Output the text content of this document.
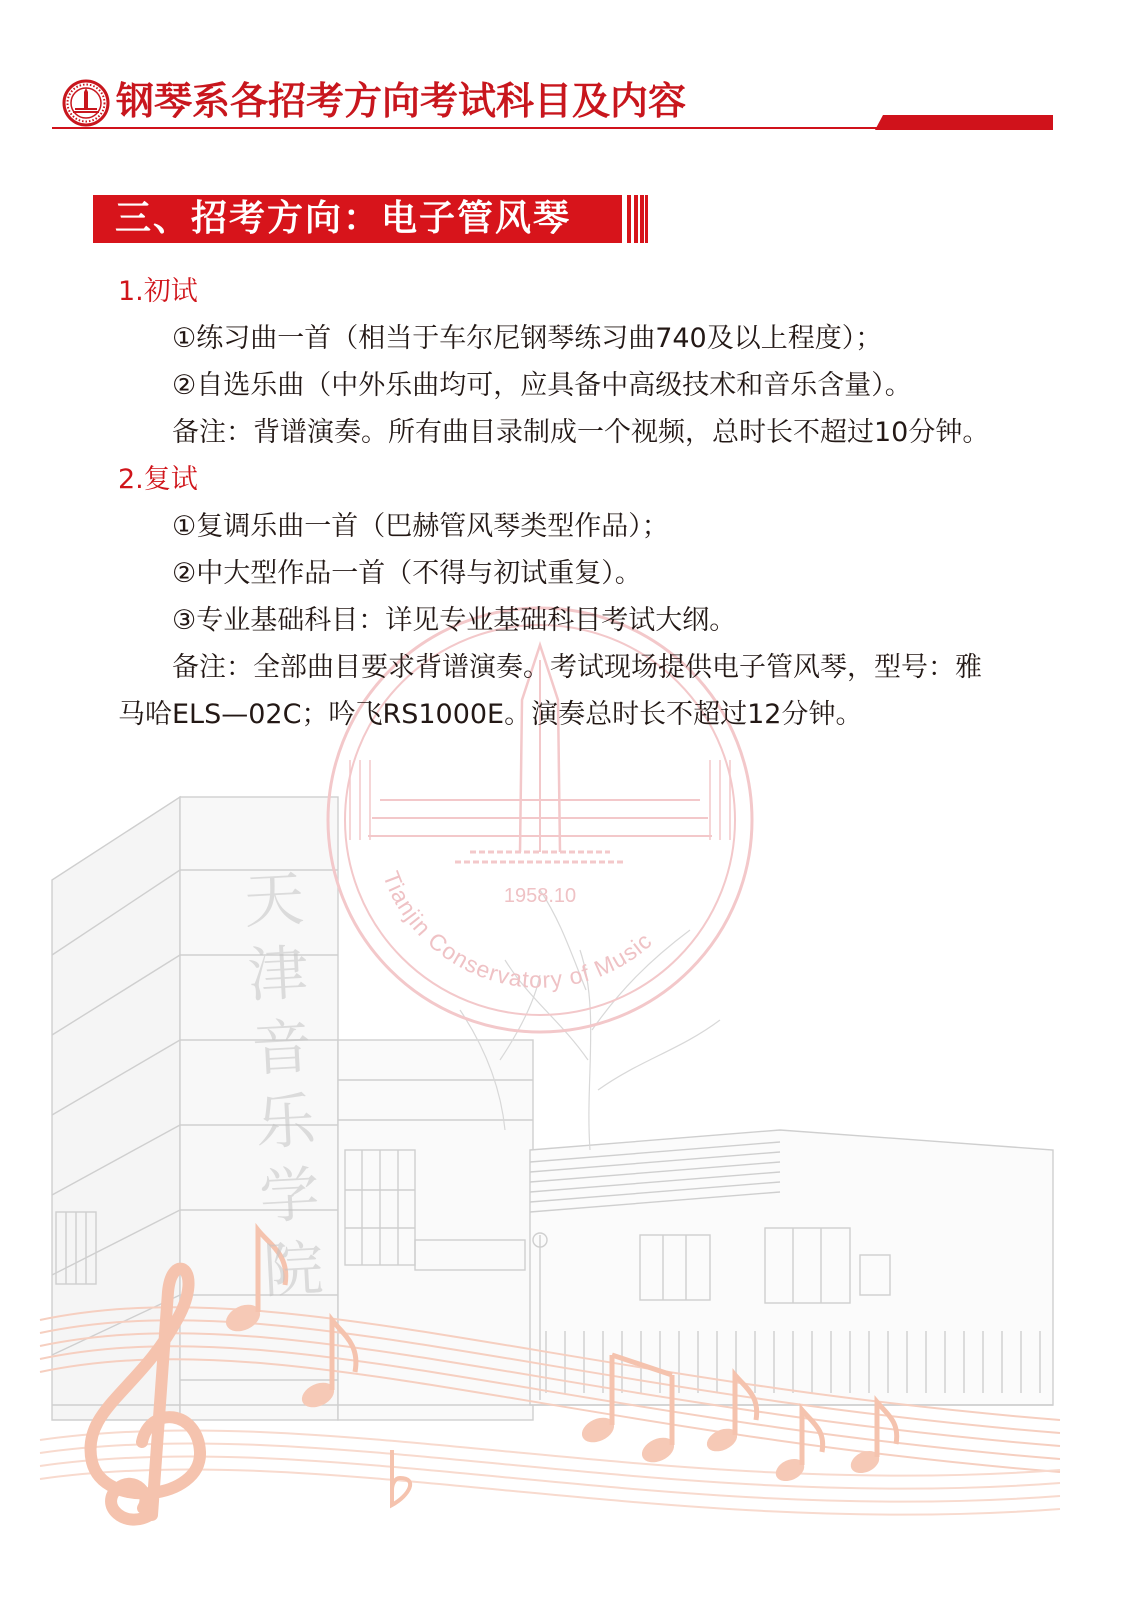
1958.10
Tianjin Conservatory of Music
天津音乐学院
钢琴系各招考方向考试科目及内容
三、招考方向：电子管风琴
1.初试

①练习曲一首（相当于车尔尼钢琴练习曲740及以上程度）；

②自选乐曲（中外乐曲均可，应具备中高级技术和音乐含量）。

备注：背谱演奏。所有曲目录制成一个视频，总时长不超过10分钟。

2.复试

①复调乐曲一首（巴赫管风琴类型作品）；

②中大型作品一首（不得与初试重复）。

③专业基础科目：详见专业基础科目考试大纲。

备注：全部曲目要求背谱演奏。考试现场提供电子管风琴，型号：雅马哈ELS—02C；吟飞RS1000E。演奏总时长不超过12分钟。
